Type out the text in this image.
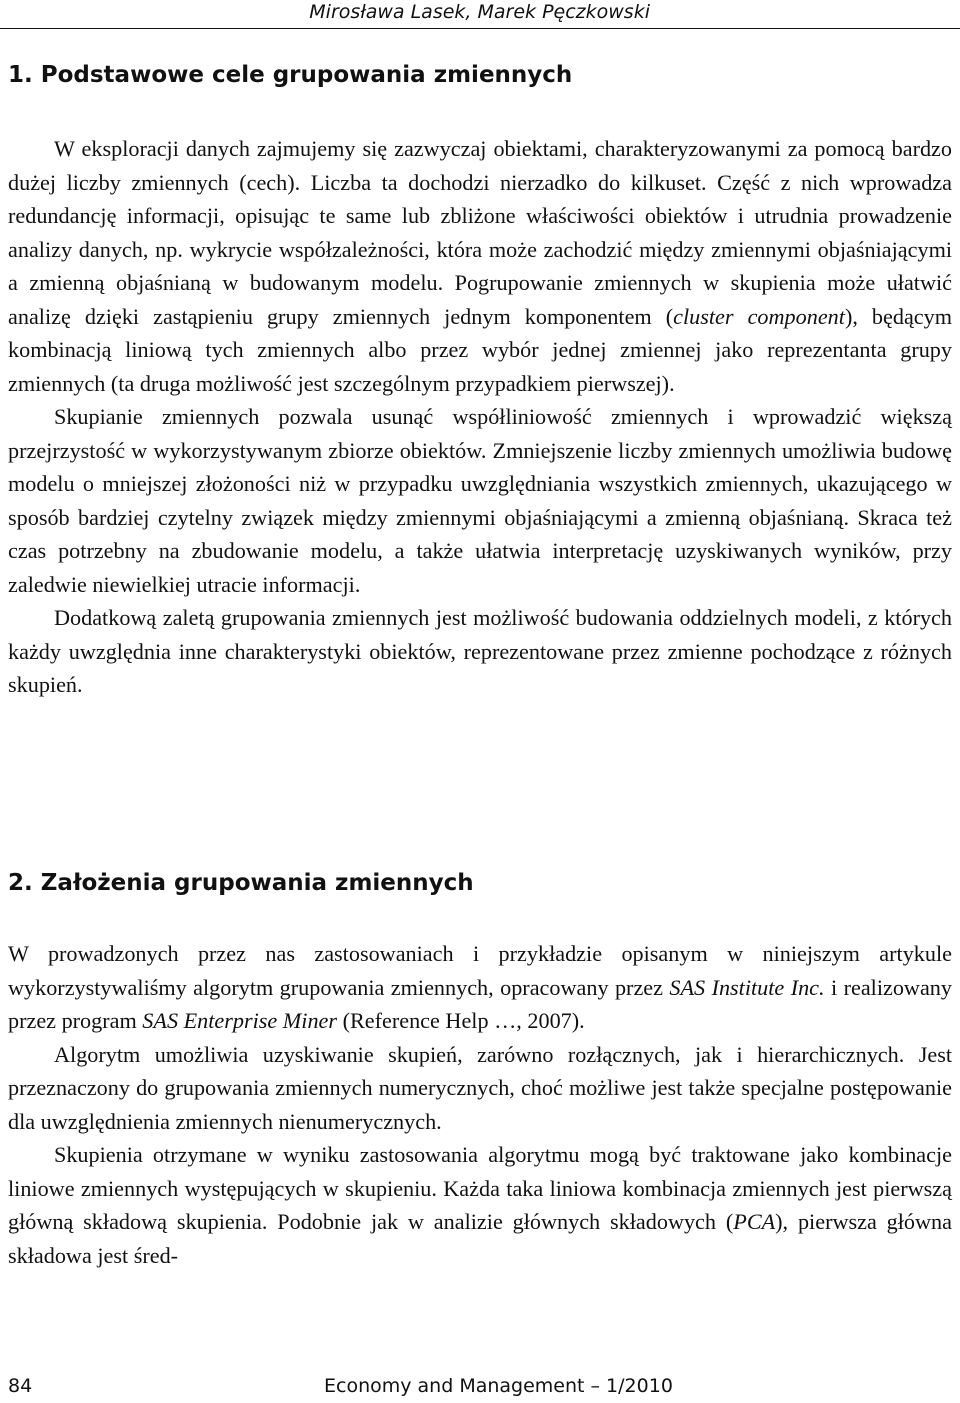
Mirosława Lasek, Marek Pęczkowski
1. Podstawowe cele grupowania zmiennych

W eksploracji danych zajmujemy się zazwyczaj obiektami, charakteryzowanymi za pomocą bardzo dużej liczby zmiennych (cech). Liczba ta dochodzi nierzadko do kilkuset. Część z nich wprowadza redundancję informacji, opisując te same lub zbliżone właściwości obiektów i utrudnia prowadzenie analizy danych, np. wykrycie współzależności, która może zachodzić między zmiennymi objaśniającymi a zmienną objaśnianą w budowanym modelu. Pogrupowanie zmiennych w skupienia może ułatwić analizę dzięki zastąpieniu grupy zmiennych jednym komponentem (cluster component), będącym kombinacją liniową tych zmiennych albo przez wybór jednej zmiennej jako reprezentanta grupy zmiennych (ta druga możliwość jest szczególnym przypadkiem pierwszej).

Skupianie zmiennych pozwala usunąć współliniowość zmiennych i wprowadzić większą przejrzystość w wykorzystywanym zbiorze obiektów. Zmniejszenie liczby zmiennych umożliwia budowę modelu o mniejszej złożoności niż w przypadku uwzględniania wszystkich zmiennych, ukazującego w sposób bardziej czytelny związek między zmiennymi objaśniającymi a zmienną objaśnianą. Skraca też czas potrzebny na zbudowanie modelu, a także ułatwia interpretację uzyskiwanych wyników, przy zaledwie niewielkiej utracie informacji.

Dodatkową zaletą grupowania zmiennych jest możliwość budowania oddzielnych modeli, z których każdy uwzględnia inne charakterystyki obiektów, reprezentowane przez zmienne pochodzące z różnych skupień.

2. Założenia grupowania zmiennych

W prowadzonych przez nas zastosowaniach i przykładzie opisanym w niniejszym artykule wykorzystywaliśmy algorytm grupowania zmiennych, opracowany przez SAS Institute Inc. i realizowany przez program SAS Enterprise Miner (Reference Help …, 2007).

Algorytm umożliwia uzyskiwanie skupień, zarówno rozłącznych, jak i hierarchicznych. Jest przeznaczony do grupowania zmiennych numerycznych, choć możliwe jest także specjalne postępowanie dla uwzględnienia zmiennych nienumerycznych.

Skupienia otrzymane w wyniku zastosowania algorytmu mogą być traktowane jako kombinacje liniowe zmiennych występujących w skupieniu. Każda taka liniowa kombinacja zmiennych jest pierwszą główną składową skupienia. Podobnie jak w analizie głównych składowych (PCA), pierwsza główna składowa jest śred-

84	Economy and Management – 1/2010
